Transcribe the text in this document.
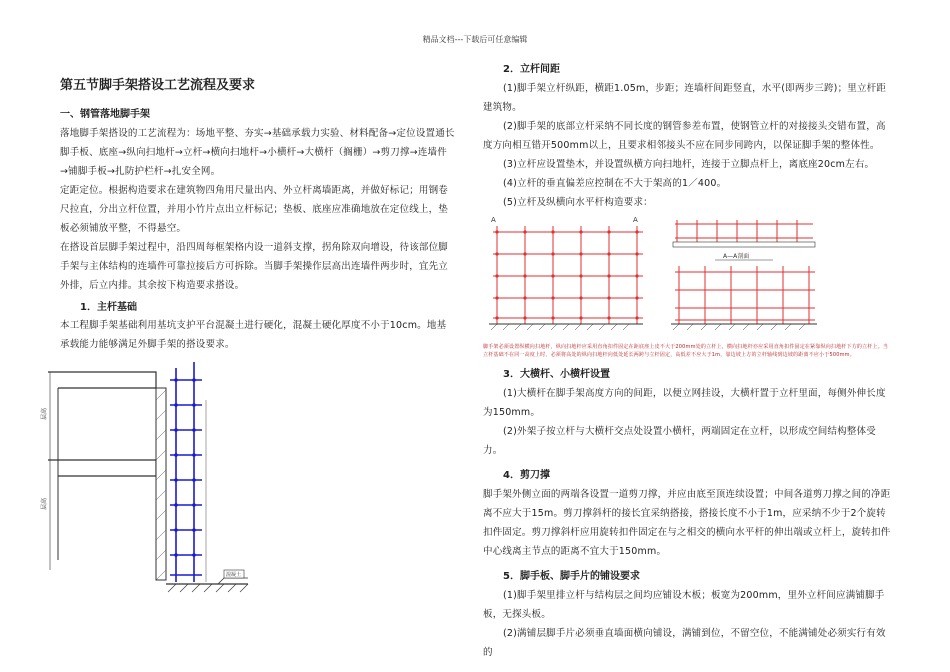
精品文档---下载后可任意编辑
第五节脚手架搭设工艺流程及要求
一、钢管落地脚手架

落地脚手架搭设的工艺流程为：场地平整、夯实→基础承载力实验、材料配备→定位设置通长脚手板、底座→纵向扫地杆→立杆→横向扫地杆→小横杆→大横杆（搁栅）→剪刀撑→连墙件→铺脚手板→扎防护栏杆→扎安全网。

定距定位。根据构造要求在建筑物四角用尺量出内、外立杆离墙距离，并做好标记；用钢卷尺拉直，分出立杆位置，并用小竹片点出立杆标记；垫板、底座应准确地放在定位线上，垫板必须铺放平整，不得悬空。

在搭设首层脚手架过程中，沿四周每框架格内设一道斜支撑，拐角除双向增设，待该部位脚手架与主体结构的连墙件可靠拉接后方可拆除。当脚手架操作层高出连墙件两步时，宜先立外排，后立内排。其余按下构造要求搭设。

1．主杆基础

本工程脚手架基础利用基坑支护平台混凝土进行硬化，混凝土硬化厚度不小于10cm。地基承载能力能够满足外脚手架的搭设要求。

层高
层高
混凝土
2．立杆间距

(1)脚手架立杆纵距，横距1.05m，步距；连墙杆间距竖直，水平(即两步三跨)；里立杆距建筑物。

(2)脚手架的底部立杆采纳不同长度的钢管参差布置，使钢管立杆的对接接头交错布置，高度方向相互错开500mm以上，且要求相邻接头不应在同步同跨内，以保证脚手架的整体性。

(3)立杆应设置垫木，并设置纵横方向扫地杆，连接于立脚点杆上，离底座20cm左右。

(4)立杆的垂直偏差应控制在不大于架高的1／400。

(5)立杆及纵横向水平杆构造要求：

A	A
A—A剖面

脚手架必须设置纵横向扫地杆，纵向扫地杆应采用直角扣件固定在距底座上皮不大于200mm处的立杆上，横向扫地杆亦应采用直角扣件固定在紧靠纵向扫地杆下方的立杆上。当立杆基础不在同一高度上时，必须将高处的纵向扫地杆向低处延长两跨与立杆固定，高低差不应大于1m，靠边坡上方的立杆轴线到边坡的距离不应小于500mm。

3．大横杆、小横杆设置

(1)大横杆在脚手架高度方向的间距，以便立网挂设，大横杆置于立杆里面，每侧外伸长度为150mm。

(2)外架子按立杆与大横杆交点处设置小横杆，两端固定在立杆，以形成空间结构整体受力。

4．剪刀撑

脚手架外侧立面的两端各设置一道剪刀撑，并应由底至顶连续设置；中间各道剪刀撑之间的净距离不应大于15m。剪刀撑斜杆的接长宜采纳搭接，搭接长度不小于1m，应采纳不少于2个旋转扣件固定。剪刀撑斜杆应用旋转扣件固定在与之相交的横向水平杆的伸出端或立杆上，旋转扣件中心线离主节点的距离不宜大于150mm。

5．脚手板、脚手片的铺设要求

(1)脚手架里排立杆与结构层之间均应铺设木板；板宽为200mm，里外立杆间应满铺脚手板，无探头板。

(2)满铺层脚手片必须垂直墙面横向铺设，满铺到位，不留空位，不能满铺处必须实行有效的
